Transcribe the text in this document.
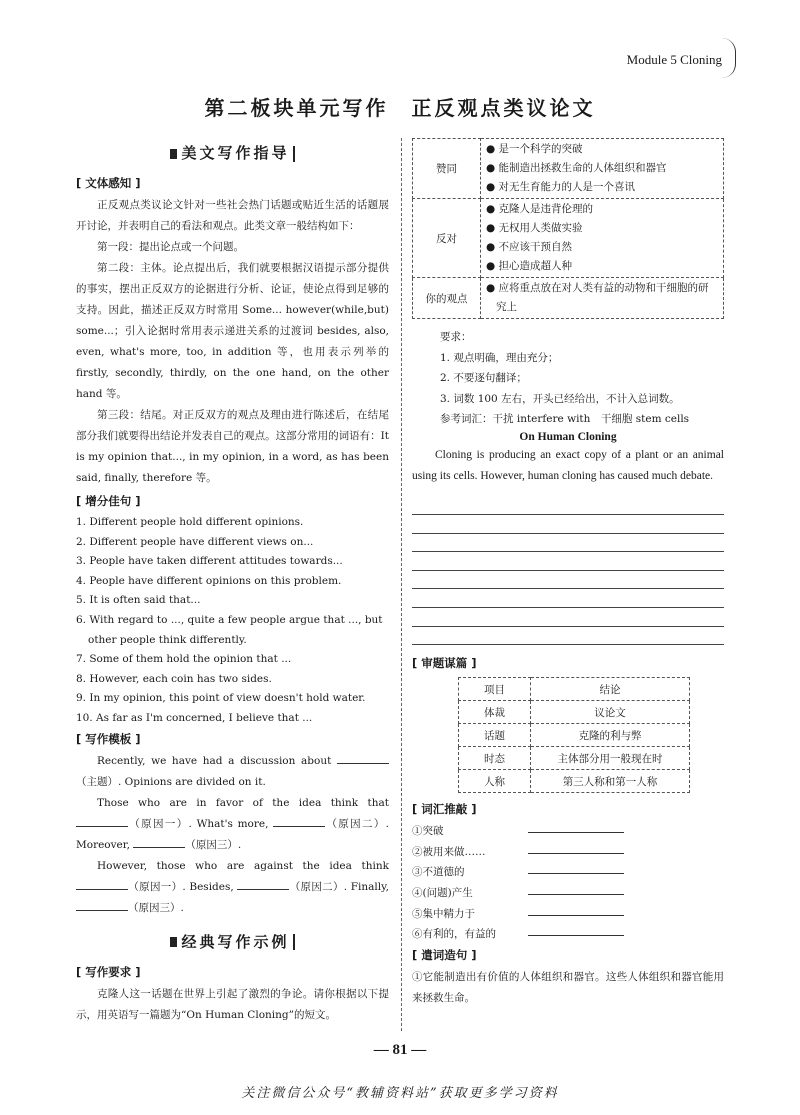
Module 5 Cloning
第二板块单元写作　正反观点类议论文
美文写作指导
[ 文体感知 ]
正反观点类议论文针对一些社会热门话题或贴近生活的话题展开讨论，并表明自己的看法和观点。此类文章一般结构如下：
第一段：提出论点或一个问题。
第二段：主体。论点提出后，我们就要根据汉语提示部分提供的事实，摆出正反双方的论据进行分析、论证，使论点得到足够的支持。因此，描述正反双方时常用 Some... however(while,but) some...；引入论据时常用表示递进关系的过渡词 besides, also, even, what's more, too, in addition 等，也用表示列举的 firstly, secondly, thirdly, on the one hand, on the other hand 等。
第三段：结尾。对正反双方的观点及理由进行陈述后，在结尾部分我们就要得出结论并发表自己的观点。这部分常用的词语有：It is my opinion that..., in my opinion, in a word, as has been said, finally, therefore 等。
[ 增分佳句 ]
1. Different people hold different opinions.
2. Different people have different views on...
3. People have taken different attitudes towards...
4. People have different opinions on this problem.
5. It is often said that...
6. With regard to ..., quite a few people argue that ..., but
other people think differently.
7. Some of them hold the opinion that ...
8. However, each coin has two sides.
9. In my opinion, this point of view doesn't hold water.
10. As far as I'm concerned, I believe that ...
[ 写作模板 ]
Recently, we have had a discussion about （主题）. Opinions are divided on it.
Those who are in favor of the idea think that （原因一）. What's more,	（原因二）. Moreover,	（原因三）.
However, those who are against the idea think （原因一）. Besides,	（原因二）. Finally, （原因三）.
经典写作示例
[ 写作要求 ]
克隆人这一话题在世界上引起了激烈的争论。请你根据以下提示，用英语写一篇题为“On Human Cloning”的短文。
赞同	● 是一个科学的突破
● 能制造出拯救生命的人体组织和器官
● 对无生育能力的人是一个喜讯

反对	● 克隆人是违背伦理的
● 无权用人类做实验
● 不应该干预自然
● 担心造成超人种

你的观点	● 应将重点放在对人类有益的动物和干细胞的研究上
要求：
1. 观点明确，理由充分；
2. 不要逐句翻译；
3. 词数 100 左右，开头已经给出，不计入总词数。
参考词汇：干扰 interfere with　干细胞 stem cells
On Human Cloning
Cloning is producing an exact copy of a plant or an animal using its cells. However, human cloning has caused much debate.
[ 审题谋篇 ]
项目	结论
体裁	议论文
话题	克隆的利与弊
时态	主体部分用一般现在时
人称	第三人称和第一人称
[ 词汇推敲 ]
①突破
②被用来做……
③不道德的
④(问题)产生
⑤集中精力于
⑥有利的，有益的
[ 遣词造句 ]
①它能制造出有价值的人体组织和器官。这些人体组织和器官能用来拯救生命。
— 81 —
关注微信公众号“教辅资料站”获取更多学习资料
